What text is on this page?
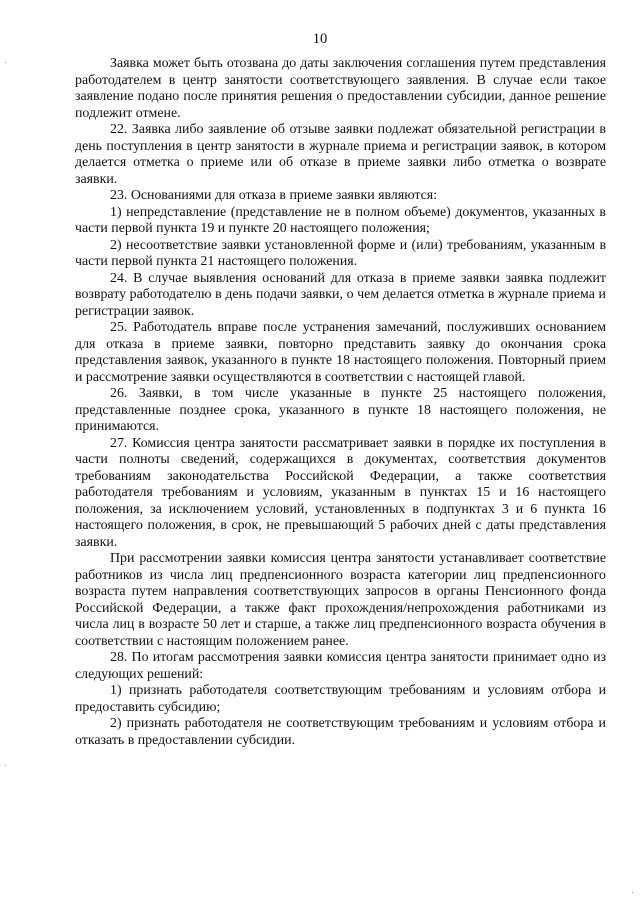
10

Заявка может быть отозвана до даты заключения соглашения путем представления работодателем в центр занятости соответствующего заявления. В случае если такое заявление подано после принятия решения о предоставлении субсидии, данное решение подлежит отмене.

22. Заявка либо заявление об отзыве заявки подлежат обязательной регистрации в день поступления в центр занятости в журнале приема и регистрации заявок, в котором делается отметка о приеме или об отказе в приеме заявки либо отметка о возврате заявки.

23. Основаниями для отказа в приеме заявки являются:

1) непредставление (представление не в полном объеме) документов, указанных в части первой пункта 19 и пункте 20 настоящего положения;

2) несоответствие заявки установленной форме и (или) требованиям, указанным в части первой пункта 21 настоящего положения.

24. В случае выявления оснований для отказа в приеме заявки заявка подлежит возврату работодателю в день подачи заявки, о чем делается отметка в журнале приема и регистрации заявок.

25. Работодатель вправе после устранения замечаний, послуживших основанием для отказа в приеме заявки, повторно представить заявку до окончания срока представления заявок, указанного в пункте 18 настоящего положения. Повторный прием и рассмотрение заявки осуществляются в соответствии с настоящей главой.

26. Заявки, в том числе указанные в пункте 25 настоящего положения, представленные позднее срока, указанного в пункте 18 настоящего положения, не принимаются.

27. Комиссия центра занятости рассматривает заявки в порядке их поступления в части полноты сведений, содержащихся в документах, соответствия документов требованиям законодательства Российской Федерации, а также соответствия работодателя требованиям и условиям, указанным в пунктах 15 и 16 настоящего положения, за исключением условий, установленных в подпунктах 3 и 6 пункта 16 настоящего положения, в срок, не превышающий 5 рабочих дней с даты представления заявки.

При рассмотрении заявки комиссия центра занятости устанавливает соответствие работников из числа лиц предпенсионного возраста категории лиц предпенсионного возраста путем направления соответствующих запросов в органы Пенсионного фонда Российской Федерации, а также факт прохождения/непрохождения работниками из числа лиц в возрасте 50 лет и старше, а также лиц предпенсионного возраста обучения в соответствии с настоящим положением ранее.

28. По итогам рассмотрения заявки комиссия центра занятости принимает одно из следующих решений:

1) признать работодателя соответствующим требованиям и условиям отбора и предоставить субсидию;

2) признать работодателя не соответствующим требованиям и условиям отбора и отказать в предоставлении субсидии.
